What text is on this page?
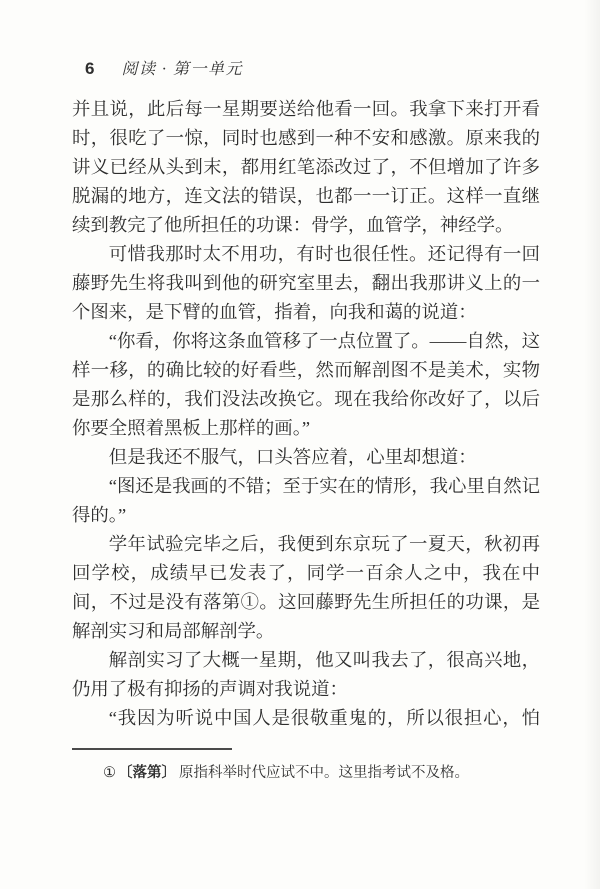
6 阅读 · 第一单元

并且说，此后每一星期要送给他看一回。我拿下来打开看时，很吃了一惊，同时也感到一种不安和感激。原来我的讲义已经从头到末，都用红笔添改过了，不但增加了许多脱漏的地方，连文法的错误，也都一一订正。这样一直继续到教完了他所担任的功课：骨学，血管学，神经学。

可惜我那时太不用功，有时也很任性。还记得有一回藤野先生将我叫到他的研究室里去，翻出我那讲义上的一个图来，是下臂的血管，指着，向我和蔼的说道：

“你看，你将这条血管移了一点位置了。——自然，这样一移，的确比较的好看些，然而解剖图不是美术，实物是那么样的，我们没法改换它。现在我给你改好了，以后你要全照着黑板上那样的画。”

但是我还不服气，口头答应着，心里却想道：

“图还是我画的不错；至于实在的情形，我心里自然记得的。”

学年试验完毕之后，我便到东京玩了一夏天，秋初再回学校，成绩早已发表了，同学一百余人之中，我在中间，不过是没有落第①。这回藤野先生所担任的功课，是解剖实习和局部解剖学。

解剖实习了大概一星期，他又叫我去了，很高兴地，仍用了极有抑扬的声调对我说道：

“我因为听说中国人是很敬重鬼的，所以很担心，怕

① 〔落第〕 原指科举时代应试不中。这里指考试不及格。
